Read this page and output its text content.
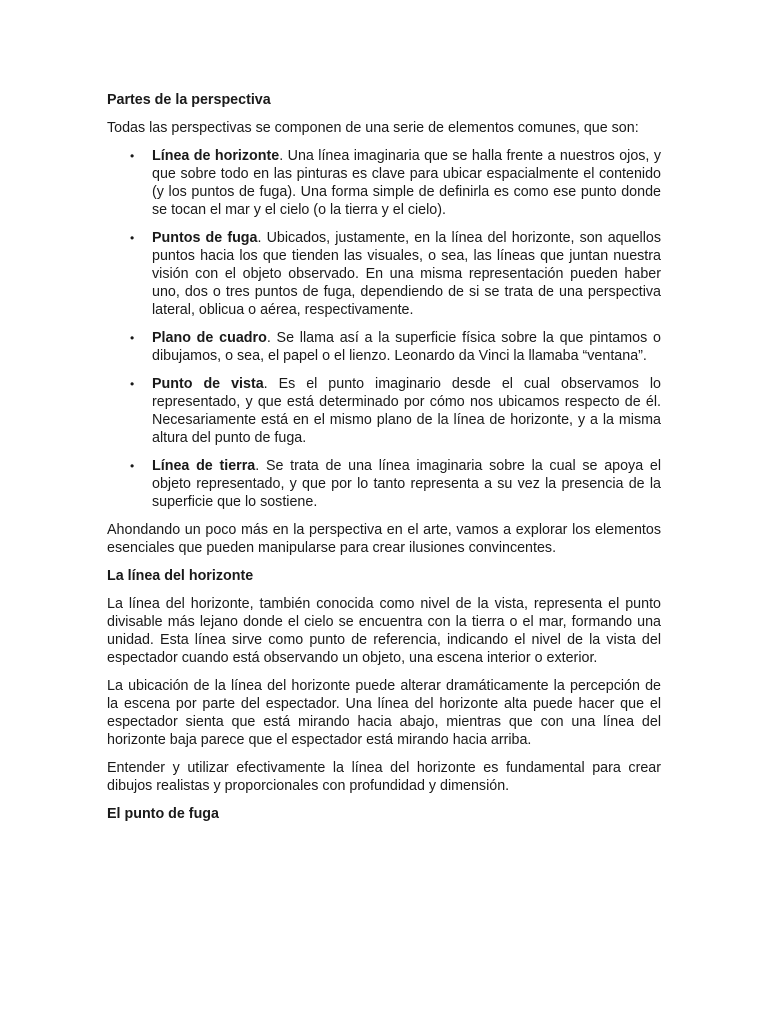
Partes de la perspectiva

Todas las perspectivas se componen de una serie de elementos comunes, que son:

• Línea de horizonte. Una línea imaginaria que se halla frente a nuestros ojos, y que sobre todo en las pinturas es clave para ubicar espacialmente el contenido (y los puntos de fuga). Una forma simple de definirla es como ese punto donde se tocan el mar y el cielo (o la tierra y el cielo).
• Puntos de fuga. Ubicados, justamente, en la línea del horizonte, son aquellos puntos hacia los que tienden las visuales, o sea, las líneas que juntan nuestra visión con el objeto observado. En una misma representación pueden haber uno, dos o tres puntos de fuga, dependiendo de si se trata de una perspectiva lateral, oblicua o aérea, respectivamente.
• Plano de cuadro. Se llama así a la superficie física sobre la que pintamos o dibujamos, o sea, el papel o el lienzo. Leonardo da Vinci la llamaba “ventana”.
• Punto de vista. Es el punto imaginario desde el cual observamos lo representado, y que está determinado por cómo nos ubicamos respecto de él. Necesariamente está en el mismo plano de la línea de horizonte, y a la misma altura del punto de fuga.
• Línea de tierra. Se trata de una línea imaginaria sobre la cual se apoya el objeto representado, y que por lo tanto representa a su vez la presencia de la superficie que lo sostiene.

Ahondando un poco más en la perspectiva en el arte, vamos a explorar los elementos esenciales que pueden manipularse para crear ilusiones convincentes.

La línea del horizonte

La línea del horizonte, también conocida como nivel de la vista, representa el punto divisable más lejano donde el cielo se encuentra con la tierra o el mar, formando una unidad. Esta línea sirve como punto de referencia, indicando el nivel de la vista del espectador cuando está observando un objeto, una escena interior o exterior.

La ubicación de la línea del horizonte puede alterar dramáticamente la percepción de la escena por parte del espectador. Una línea del horizonte alta puede hacer que el espectador sienta que está mirando hacia abajo, mientras que con una línea del horizonte baja parece que el espectador está mirando hacia arriba.

Entender y utilizar efectivamente la línea del horizonte es fundamental para crear dibujos realistas y proporcionales con profundidad y dimensión.

El punto de fuga
